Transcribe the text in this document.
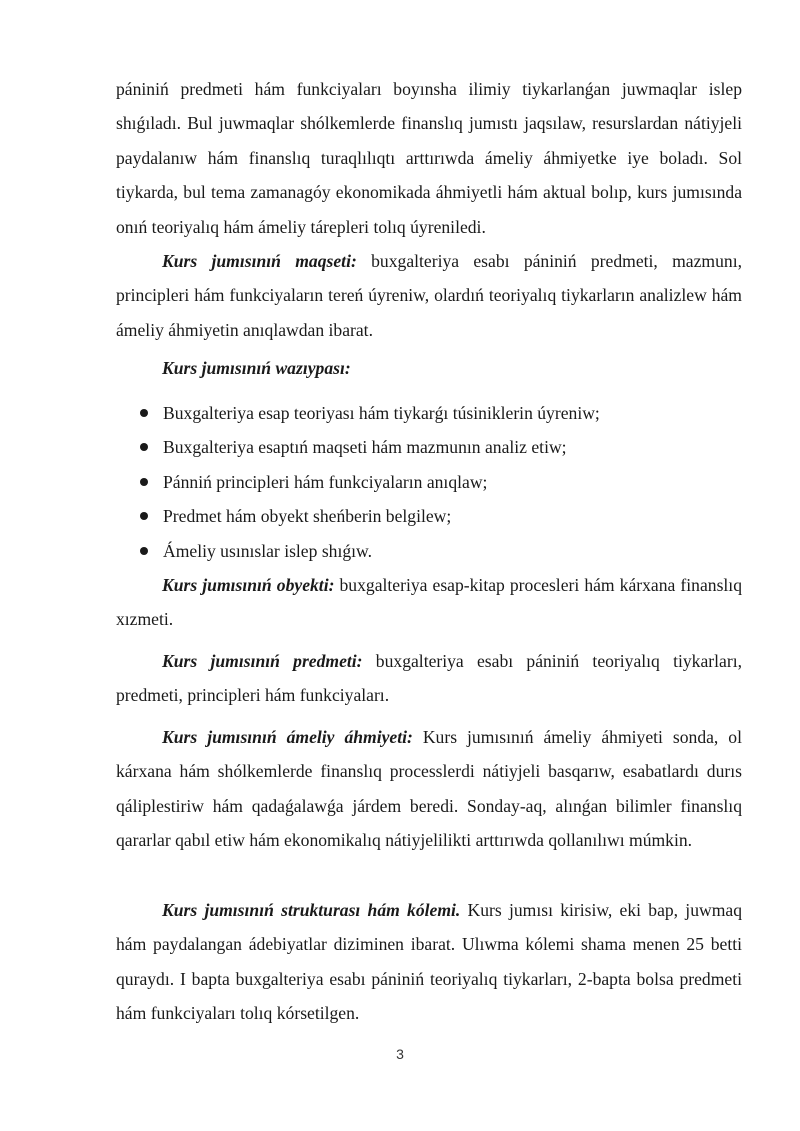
pániniń predmeti hám funkciyaları boyınsha ilimiy tiykarlanǵan juwmaqlar islep shıǵıladı. Bul juwmaqlar shólkemlerde finanslıq jumıstı jaqsılaw, resurslardan nátiyjeli paydalanıw hám finanslıq turaqlılıqtı arttırıwda ámeliy áhmiyetke iye boladı. Sol tiykarda, bul tema zamanagóy ekonomikada áhmiyetli hám aktual bolıp, kurs jumısında onıń teoriyalıq hám ámeliy tárepleri tolıq úyreniledi.

Kurs jumısınıń maqseti: buxgalteriya esabı pániniń predmeti, mazmunı, principleri hám funkciyaların tereń úyreniw, olardıń teoriyalıq tiykarların analizlew hám ámeliy áhmiyetin anıqlawdan ibarat.

Kurs jumısınıń wazıypası:

Buxgalteriya esap teoriyası hám tiykarǵı túsiniklerin úyreniw;
Buxgalteriya esaptıń maqseti hám mazmunın analiz etiw;
Pánniń principleri hám funkciyaların anıqlaw;
Predmet hám obyekt sheńberin belgilew;
Ámeliy usınıslar islep shıǵıw.

Kurs jumısınıń obyekti: buxgalteriya esap-kitap procesleri hám kárxana finanslıq xızmeti.

Kurs jumısınıń predmeti: buxgalteriya esabı pániniń teoriyalıq tiykarları, predmeti, principleri hám funkciyaları.

Kurs jumısınıń ámeliy áhmiyeti: Kurs jumısınıń ámeliy áhmiyeti sonda, ol kárxana hám shólkemlerde finanslıq processlerdi nátiyjeli basqarıw, esabatlardı durıs qáliplestiriw hám qadaǵalawǵa járdem beredi. Sonday-aq, alınǵan bilimler finanslıq qararlar qabıl etiw hám ekonomikalıq nátiyjelilikti arttırıwda qollanılıwı múmkin.

Kurs jumısınıń strukturası hám kólemi. Kurs jumısı kirisiw, eki bap, juwmaq hám paydalangan ádebiyatlar diziminen ibarat. Ulıwma kólemi shama menen 25 betti quraydı. I bapta buxgalteriya esabı pániniń teoriyalıq tiykarları, 2-bapta bolsa predmeti hám funkciyaları tolıq kórsetilgen.

3
